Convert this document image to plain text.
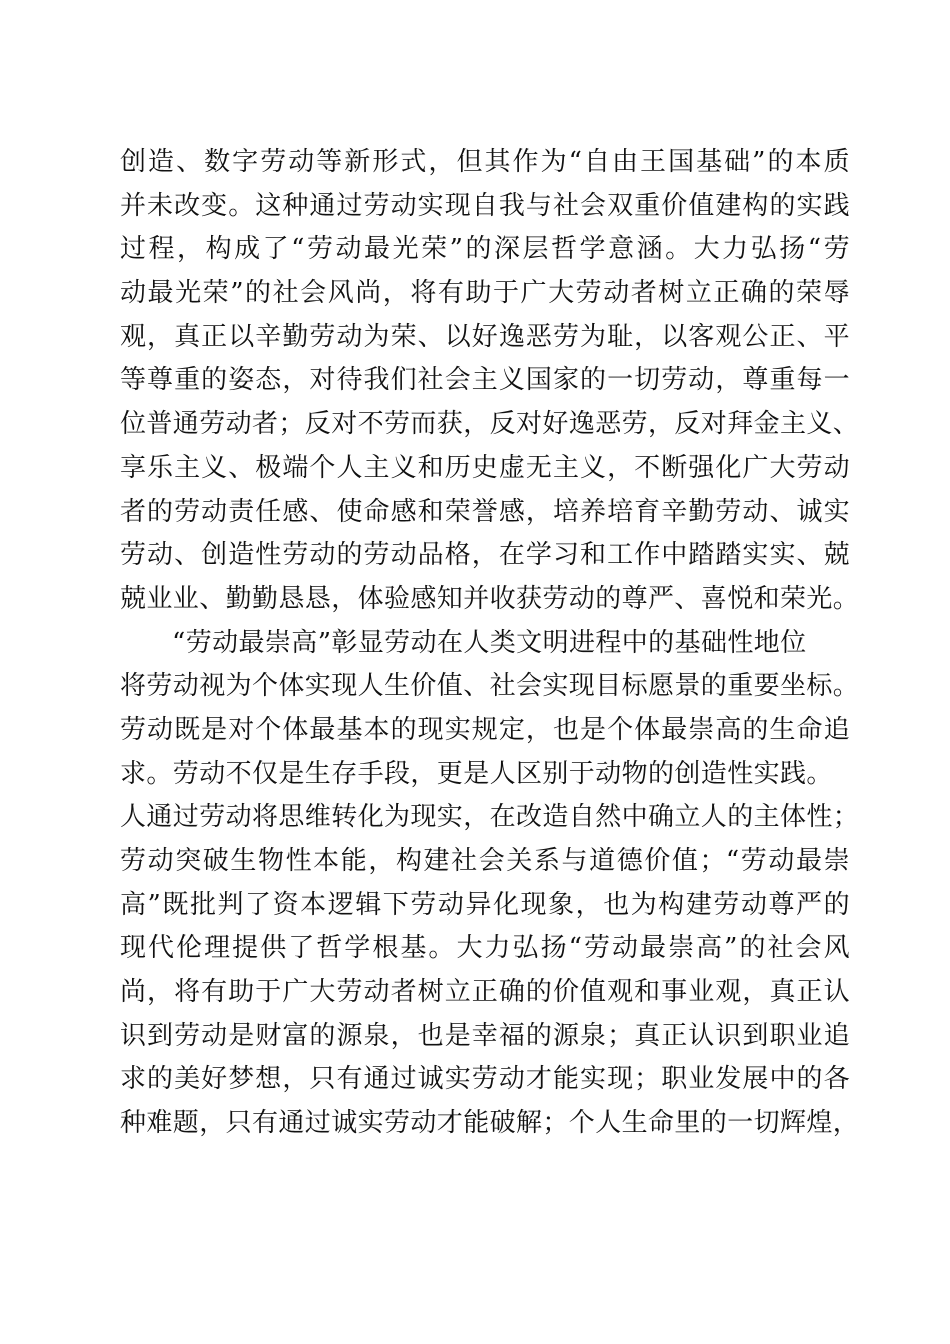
创造、数字劳动等新形式，但其作为“自由王国基础”的本质
并未改变。这种通过劳动实现自我与社会双重价值建构的实践
过程，构成了“劳动最光荣”的深层哲学意涵。大力弘扬“劳
动最光荣”的社会风尚，将有助于广大劳动者树立正确的荣辱
观，真正以辛勤劳动为荣、以好逸恶劳为耻，以客观公正、平
等尊重的姿态，对待我们社会主义国家的一切劳动，尊重每一
位普通劳动者；反对不劳而获，反对好逸恶劳，反对拜金主义、
享乐主义、极端个人主义和历史虚无主义，不断强化广大劳动
者的劳动责任感、使命感和荣誉感，培养培育辛勤劳动、诚实
劳动、创造性劳动的劳动品格，在学习和工作中踏踏实实、兢
兢业业、勤勤恳恳，体验感知并收获劳动的尊严、喜悦和荣光。
“劳动最崇高”彰显劳动在人类文明进程中的基础性地位
将劳动视为个体实现人生价值、社会实现目标愿景的重要坐标。
劳动既是对个体最基本的现实规定，也是个体最崇高的生命追
求。劳动不仅是生存手段，更是人区别于动物的创造性实践。
人通过劳动将思维转化为现实，在改造自然中确立人的主体性；
劳动突破生物性本能，构建社会关系与道德价值；“劳动最崇
高”既批判了资本逻辑下劳动异化现象，也为构建劳动尊严的
现代伦理提供了哲学根基。大力弘扬“劳动最崇高”的社会风
尚，将有助于广大劳动者树立正确的价值观和事业观，真正认
识到劳动是财富的源泉，也是幸福的源泉；真正认识到职业追
求的美好梦想，只有通过诚实劳动才能实现；职业发展中的各
种难题，只有通过诚实劳动才能破解；个人生命里的一切辉煌，
